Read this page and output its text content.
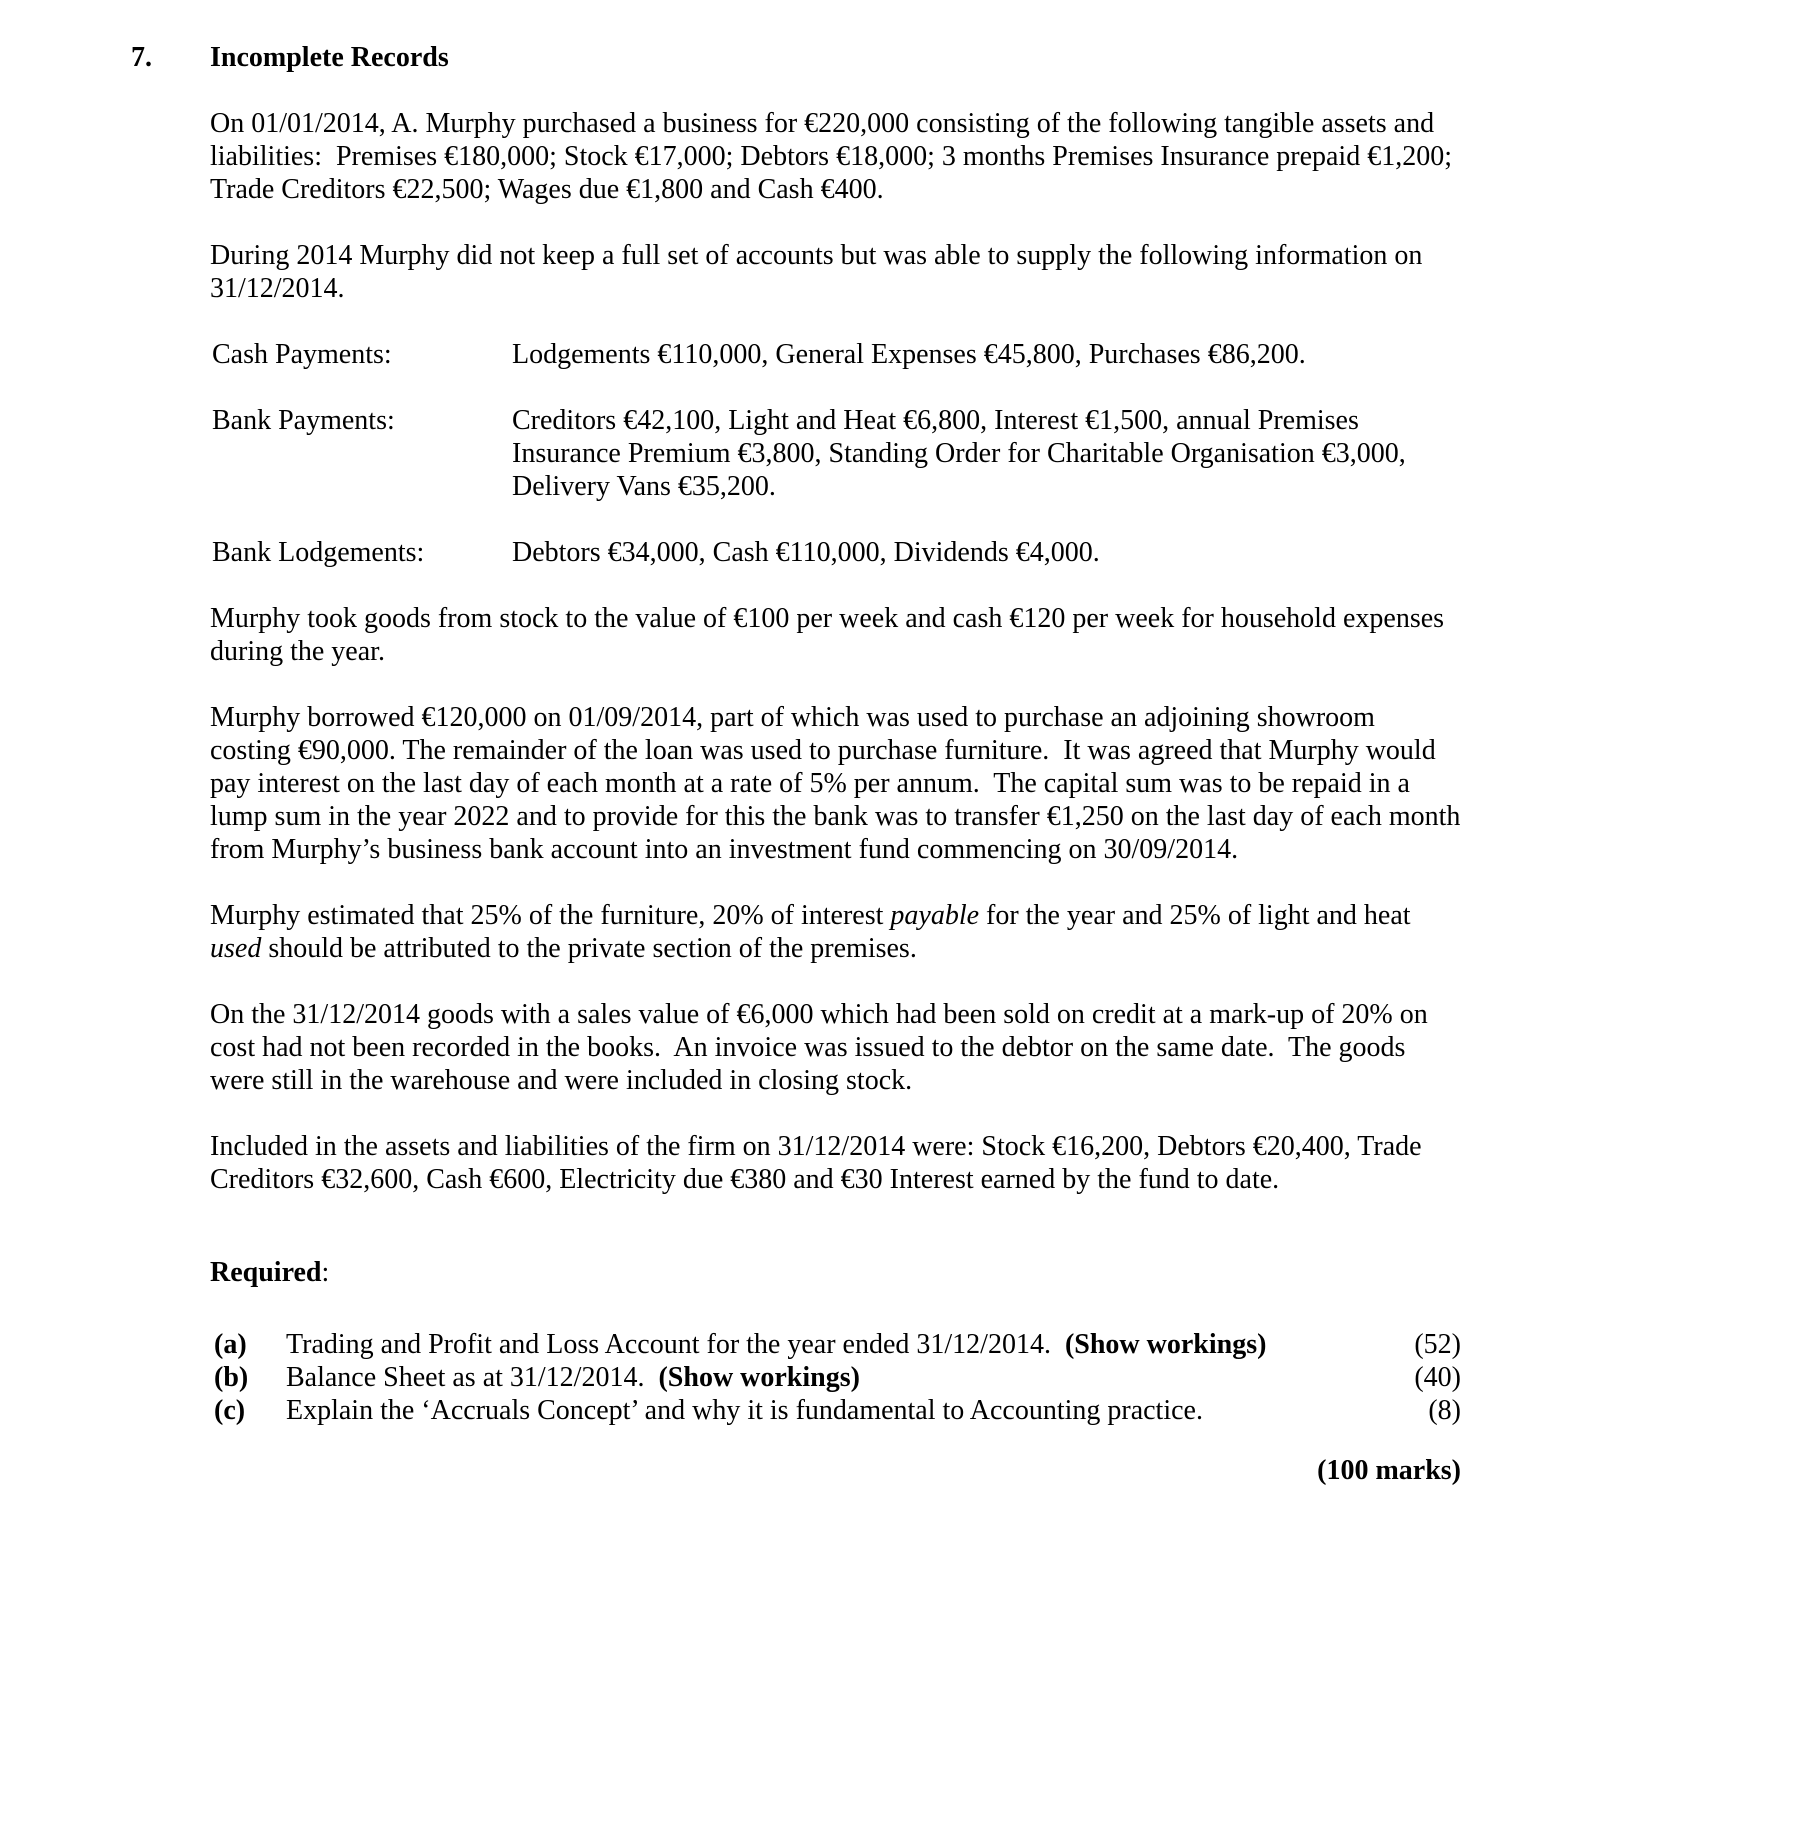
7.	Incomplete Records

On 01/01/2014, A. Murphy purchased a business for €220,000 consisting of the following tangible assets and liabilities:  Premises €180,000; Stock €17,000; Debtors €18,000; 3 months Premises Insurance prepaid €1,200; Trade Creditors €22,500; Wages due €1,800 and Cash €400.

During 2014 Murphy did not keep a full set of accounts but was able to supply the following information on 31/12/2014.

Cash Payments:	Lodgements €110,000, General Expenses €45,800, Purchases €86,200.
Bank Payments:	Creditors €42,100, Light and Heat €6,800, Interest €1,500, annual Premises Insurance Premium €3,800, Standing Order for Charitable Organisation €3,000, Delivery Vans €35,200.
Bank Lodgements:	Debtors €34,000, Cash €110,000, Dividends €4,000.

Murphy took goods from stock to the value of €100 per week and cash €120 per week for household expenses during the year.

Murphy borrowed €120,000 on 01/09/2014, part of which was used to purchase an adjoining showroom costing €90,000. The remainder of the loan was used to purchase furniture.  It was agreed that Murphy would pay interest on the last day of each month at a rate of 5% per annum.  The capital sum was to be repaid in a lump sum in the year 2022 and to provide for this the bank was to transfer €1,250 on the last day of each month from Murphy’s business bank account into an investment fund commencing on 30/09/2014.

Murphy estimated that 25% of the furniture, 20% of interest payable for the year and 25% of light and heat used should be attributed to the private section of the premises.

On the 31/12/2014 goods with a sales value of €6,000 which had been sold on credit at a mark-up of 20% on cost had not been recorded in the books.  An invoice was issued to the debtor on the same date.  The goods were still in the warehouse and were included in closing stock.

Included in the assets and liabilities of the firm on 31/12/2014 were: Stock €16,200, Debtors €20,400, Trade Creditors €32,600, Cash €600, Electricity due €380 and €30 Interest earned by the fund to date.

Required:

(a)	Trading and Profit and Loss Account for the year ended 31/12/2014.  (Show workings)	(52)
(b)	Balance Sheet as at 31/12/2014.  (Show workings)	(40)
(c)	Explain the ‘Accruals Concept’ and why it is fundamental to Accounting practice.	(8)

(100 marks)
